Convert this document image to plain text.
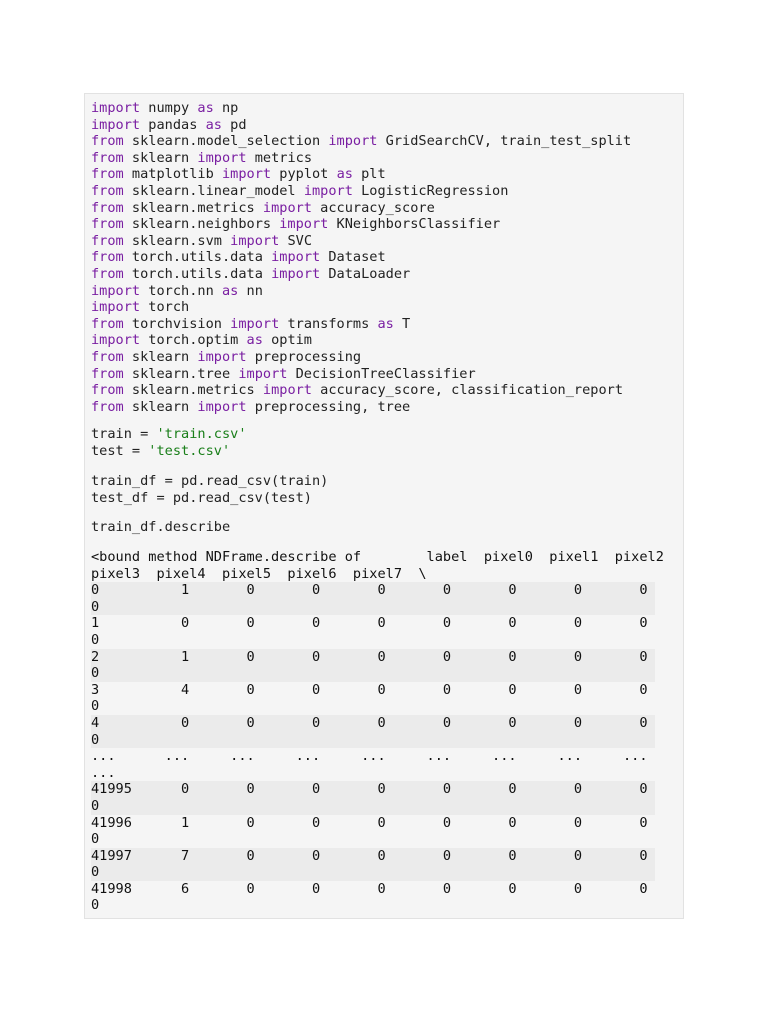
import numpy as np
import pandas as pd
from sklearn.model_selection import GridSearchCV, train_test_split
from sklearn import metrics
from matplotlib import pyplot as plt
from sklearn.linear_model import LogisticRegression
from sklearn.metrics import accuracy_score
from sklearn.neighbors import KNeighborsClassifier
from sklearn.svm import SVC
from torch.utils.data import Dataset
from torch.utils.data import DataLoader
import torch.nn as nn
import torch
from torchvision import transforms as T
import torch.optim as optim
from sklearn import preprocessing
from sklearn.tree import DecisionTreeClassifier
from sklearn.metrics import accuracy_score, classification_report
from sklearn import preprocessing, tree
train = 'train.csv'
test = 'test.csv'
train_df = pd.read_csv(train)
test_df = pd.read_csv(test)
train_df.describe
<bound method NDFrame.describe of        label  pixel0  pixel1  pixel2
pixel3  pixel4  pixel5  pixel6  pixel7  \
0          1       0       0       0       0       0       0       0
0
1          0       0       0       0       0       0       0       0
0
2          1       0       0       0       0       0       0       0
0
3          4       0       0       0       0       0       0       0
0
4          0       0       0       0       0       0       0       0
0
...      ...     ...     ...     ...     ...     ...     ...     ...
...
41995      0       0       0       0       0       0       0       0
0
41996      1       0       0       0       0       0       0       0
0
41997      7       0       0       0       0       0       0       0
0
41998      6       0       0       0       0       0       0       0
0
